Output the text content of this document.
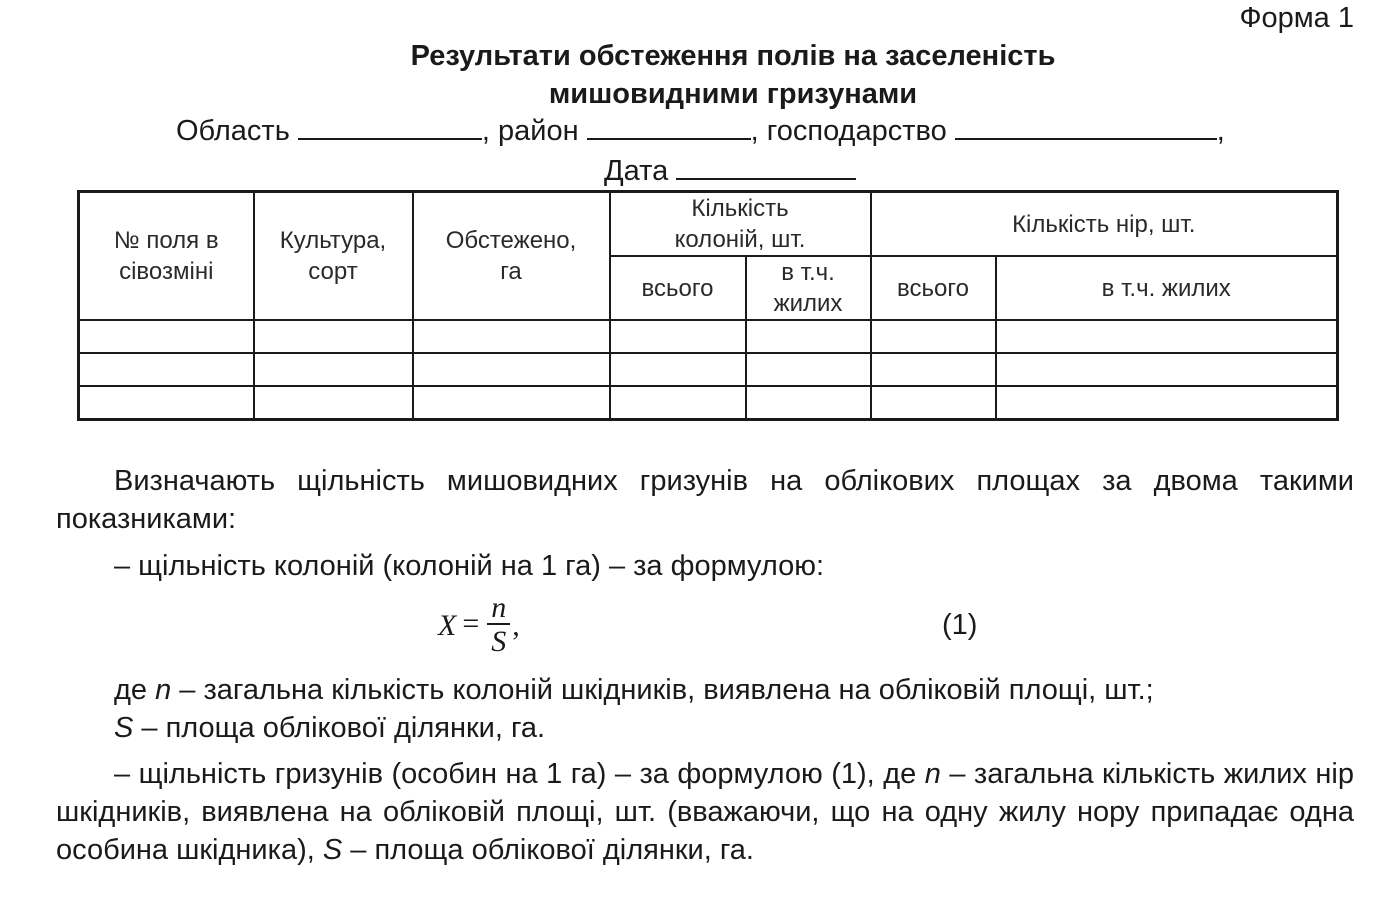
Форма 1
Результати обстеження полів на заселеність
мишовидними гризунами
Область	, район	, господарство	,
Дата
№ поля в сівозміні	Культура, сорт	Обстежено, га	Кількість колоній, шт.		Кількість нір, шт.	
			всього	в т.ч. жилих	всього	в т.ч. жилих

Визначають щільність мишовидних гризунів на облікових площах за двома такими показниками:
– щільність колоній (колоній на 1 га) – за формулою:
$X = \frac{n}{S}$ ,	(1)
де n – загальна кількість колоній шкідників, виявлена на обліковій площі, шт.;
S – площа облікової ділянки, га.
– щільність гризунів (особин на 1 га) – за формулою (1), де n – загальна кількість жилих нір шкідників, виявлена на обліковій площі, шт. (вважаючи, що на одну жилу нору припадає одна особина шкідника), S – площа облікової ділянки, га.
